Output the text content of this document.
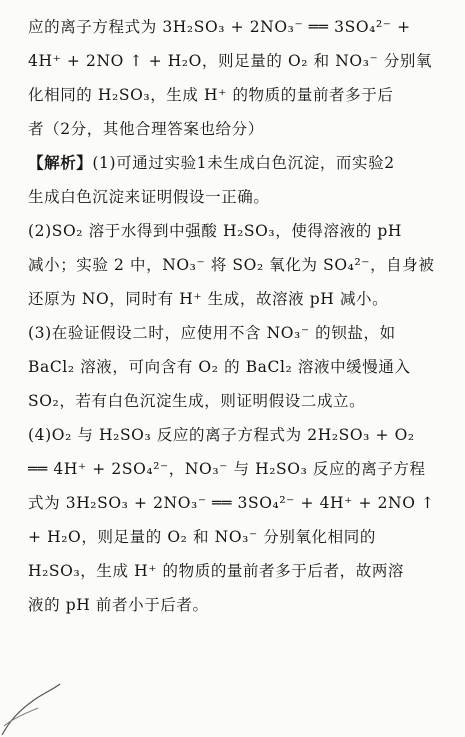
应的离子方程式为 3H₂SO₃ + 2NO₃⁻ ══ 3SO₄²⁻ +
4H⁺ + 2NO ↑ + H₂O，则足量的 O₂ 和 NO₃⁻ 分别氧
化相同的 H₂SO₃，生成 H⁺ 的物质的量前者多于后
者（2分，其他合理答案也给分）
【解析】(1)可通过实验1未生成白色沉淀，而实验2
生成白色沉淀来证明假设一正确。
(2)SO₂ 溶于水得到中强酸 H₂SO₃，使得溶液的 pH
减小；实验 2 中，NO₃⁻ 将 SO₂ 氧化为 SO₄²⁻，自身被
还原为 NO，同时有 H⁺ 生成，故溶液 pH 减小。
(3)在验证假设二时，应使用不含 NO₃⁻ 的钡盐，如
BaCl₂ 溶液，可向含有 O₂ 的 BaCl₂ 溶液中缓慢通入
SO₂，若有白色沉淀生成，则证明假设二成立。
(4)O₂ 与 H₂SO₃ 反应的离子方程式为 2H₂SO₃ + O₂
══ 4H⁺ + 2SO₄²⁻，NO₃⁻ 与 H₂SO₃ 反应的离子方程
式为 3H₂SO₃ + 2NO₃⁻ ══ 3SO₄²⁻ + 4H⁺ + 2NO ↑
+ H₂O，则足量的 O₂ 和 NO₃⁻ 分别氧化相同的
H₂SO₃，生成 H⁺ 的物质的量前者多于后者，故两溶
液的 pH 前者小于后者。
